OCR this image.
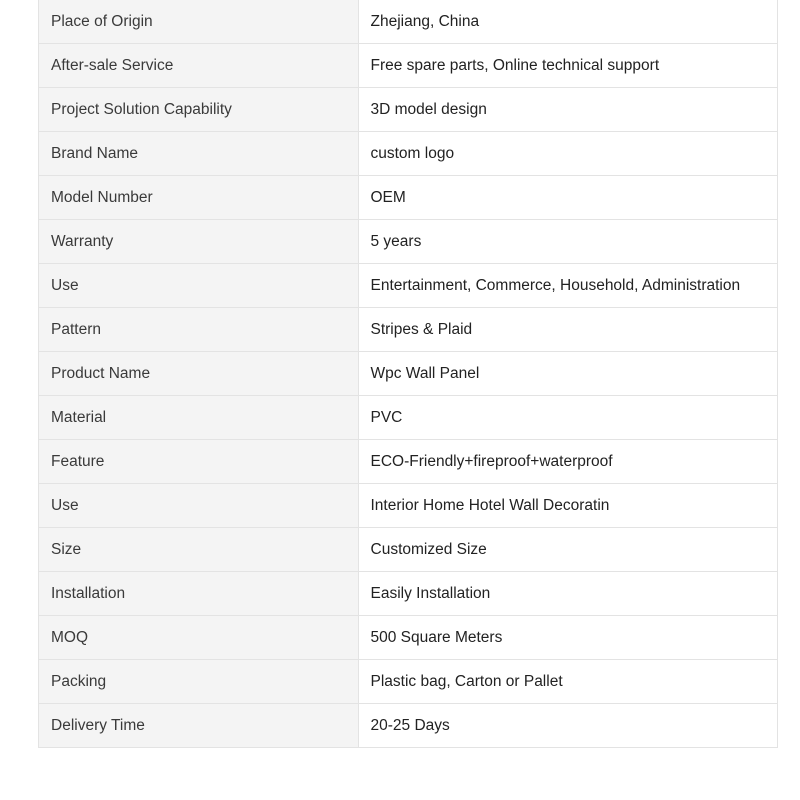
Place of Origin	Zhejiang, China
After-sale Service	Free spare parts, Online technical support
Project Solution Capability	3D model design
Brand Name	custom logo
Model Number	OEM
Warranty	5 years
Use	Entertainment, Commerce, Household, Administration
Pattern	Stripes & Plaid
Product Name	Wpc Wall Panel
Material	PVC
Feature	ECO-Friendly+fireproof+waterproof
Use	Interior Home Hotel Wall Decoratin
Size	Customized Size
Installation	Easily Installation
MOQ	500 Square Meters
Packing	Plastic bag, Carton or Pallet
Delivery Time	20-25 Days
